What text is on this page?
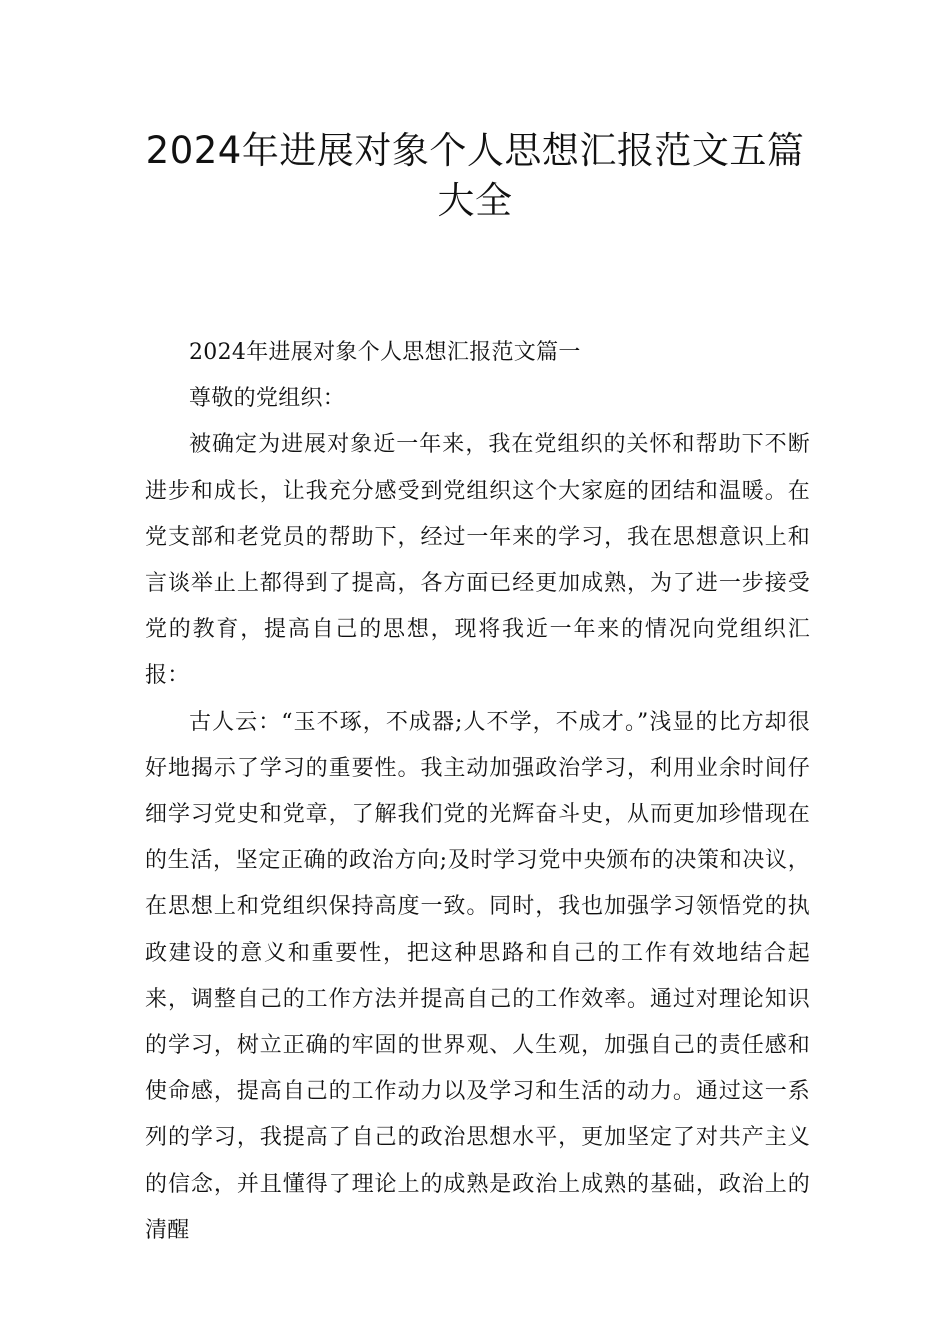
2024年进展对象个人思想汇报范文五篇大全

2024年进展对象个人思想汇报范文篇一

尊敬的党组织：

被确定为进展对象近一年来，我在党组织的关怀和帮助下不断进步和成长，让我充分感受到党组织这个大家庭的团结和温暖。在党支部和老党员的帮助下，经过一年来的学习，我在思想意识上和言谈举止上都得到了提高，各方面已经更加成熟，为了进一步接受党的教育，提高自己的思想，现将我近一年来的情况向党组织汇报：

古人云：“玉不琢，不成器;人不学，不成才。”浅显的比方却很好地揭示了学习的重要性。我主动加强政治学习，利用业余时间仔细学习党史和党章，了解我们党的光辉奋斗史，从而更加珍惜现在的生活，坚定正确的政治方向;及时学习党中央颁布的决策和决议，在思想上和党组织保持高度一致。同时，我也加强学习领悟党的执政建设的意义和重要性，把这种思路和自己的工作有效地结合起来，调整自己的工作方法并提高自己的工作效率。通过对理论知识的学习，树立正确的牢固的世界观、人生观，加强自己的责任感和使命感，提高自己的工作动力以及学习和生活的动力。通过这一系列的学习，我提高了自己的政治思想水平，更加坚定了对共产主义的信念，并且懂得了理论上的成熟是政治上成熟的基础，政治上的清醒
